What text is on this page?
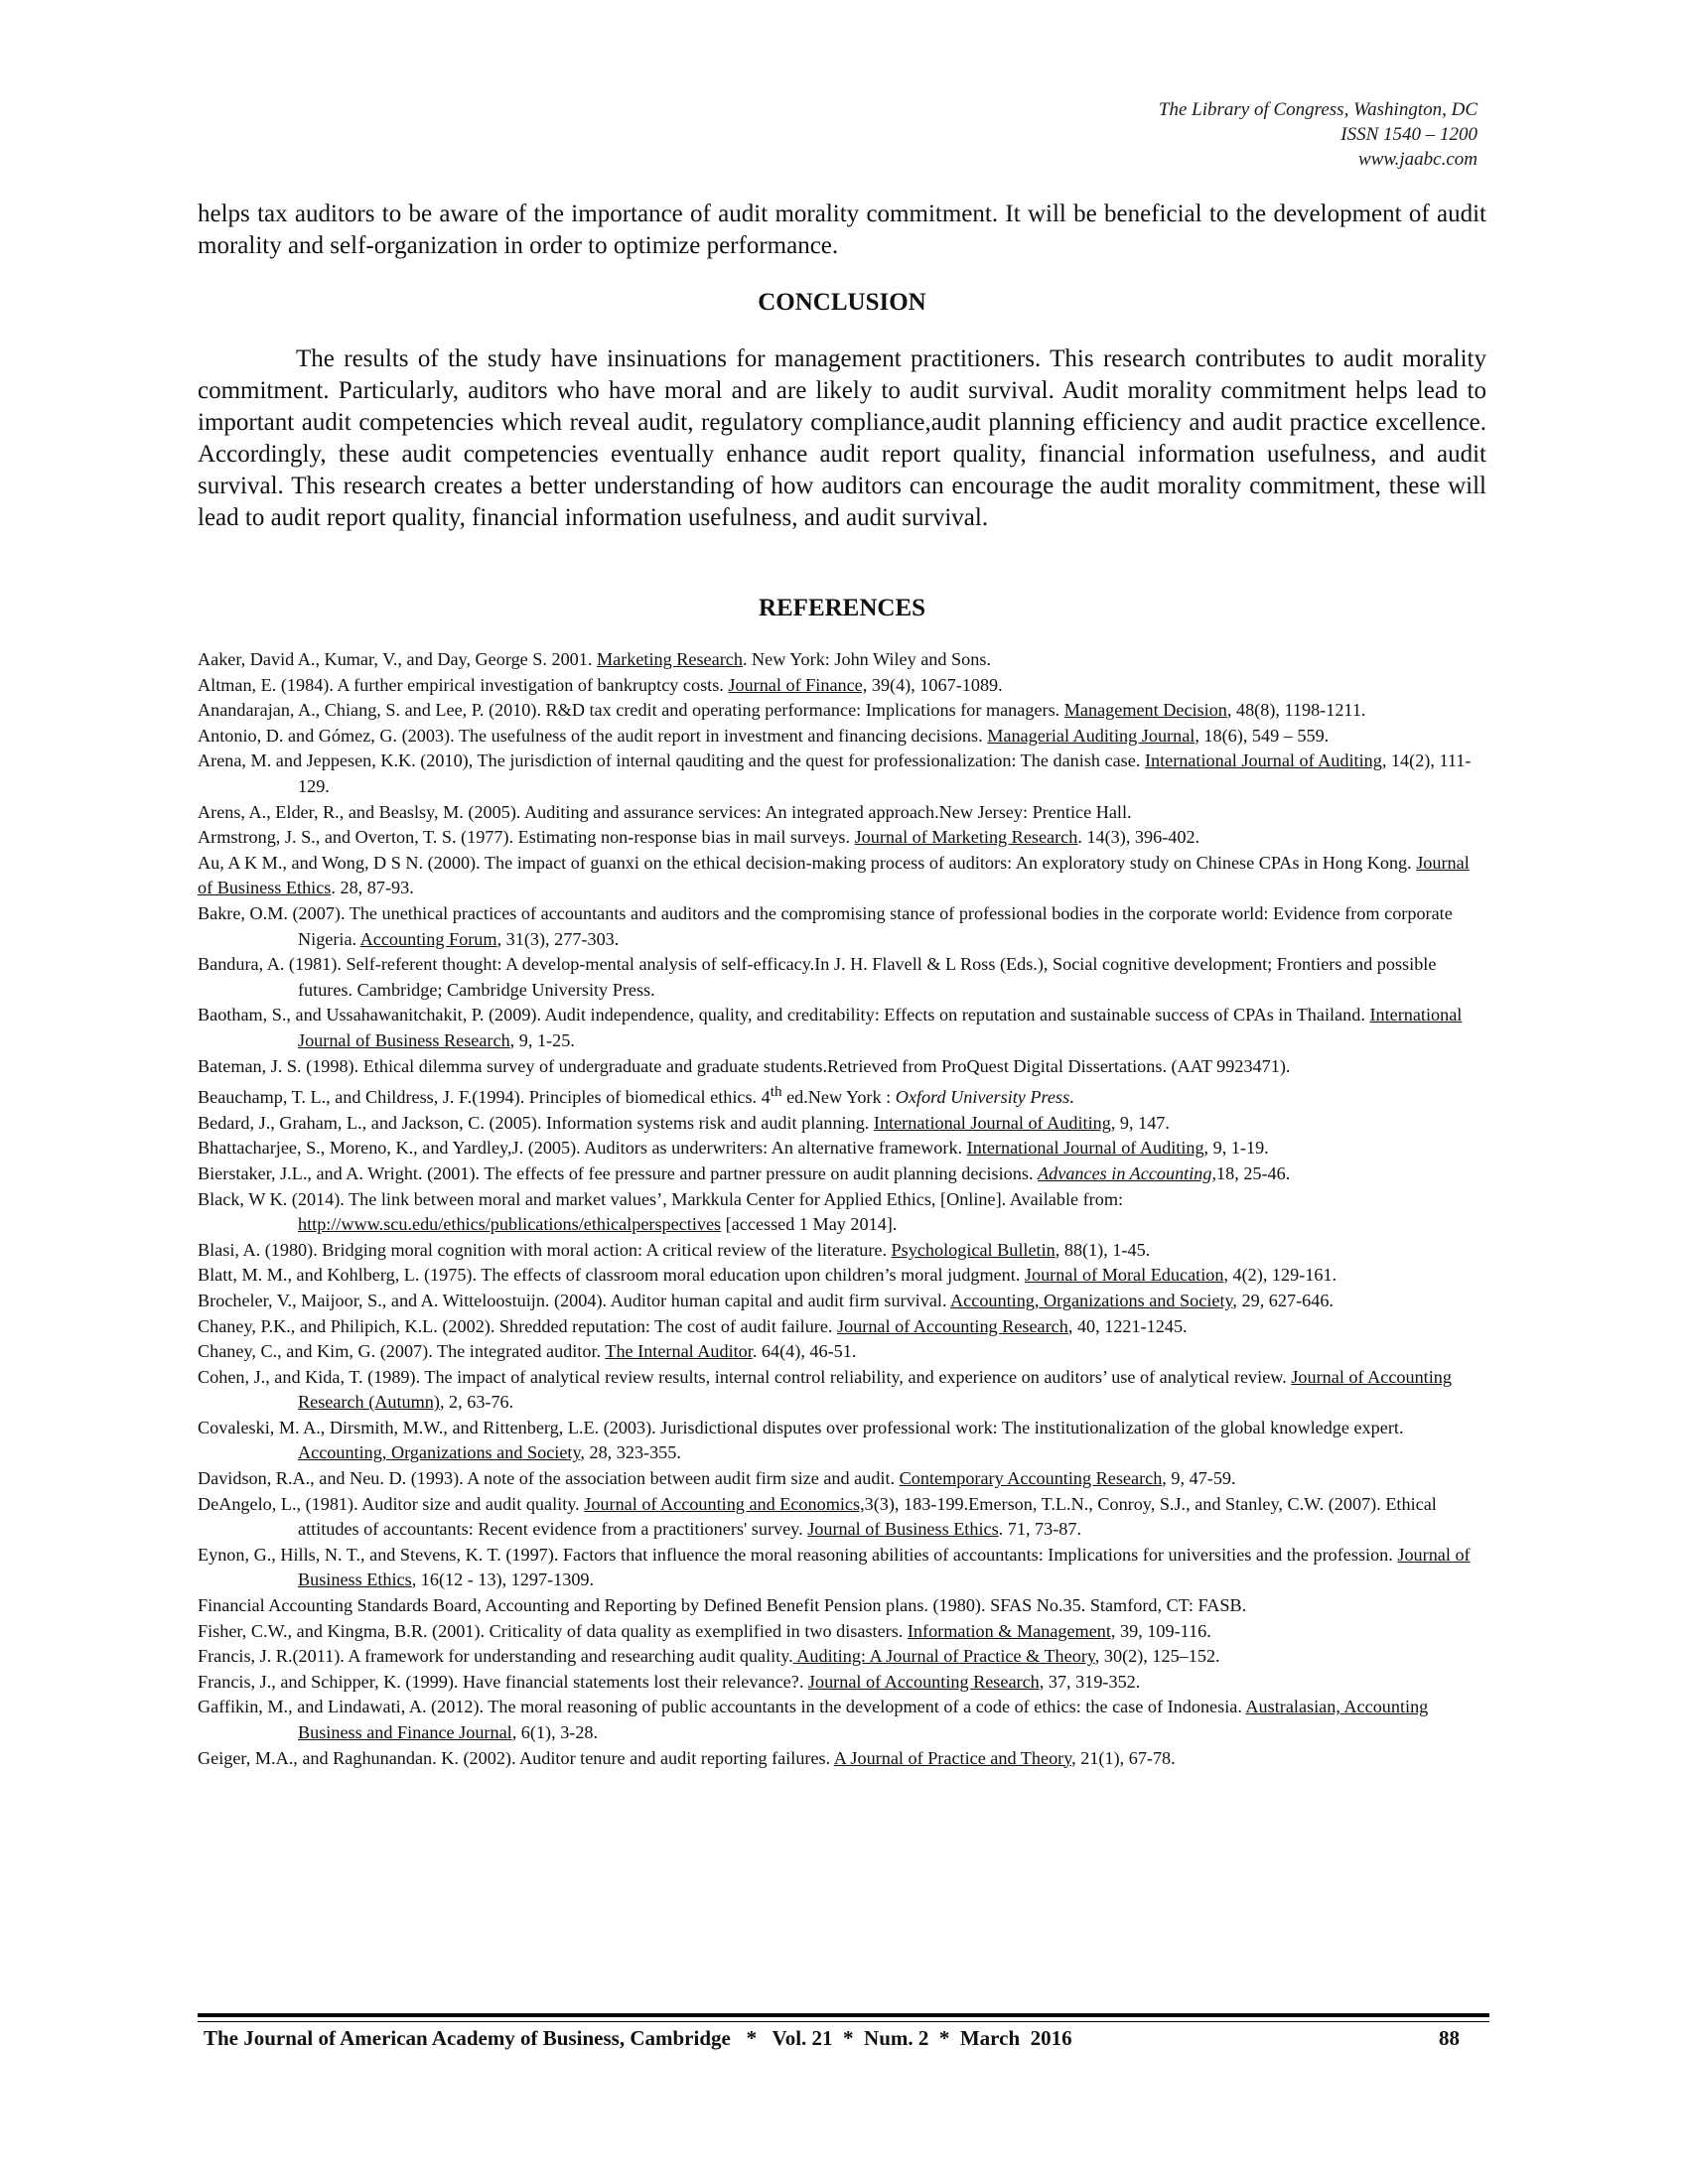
The Library of Congress, Washington, DC
ISSN 1540 – 1200
www.jaabc.com
helps tax auditors to be aware of the importance of audit morality commitment. It will be beneficial to the development of audit morality and self-organization in order to optimize performance.
CONCLUSION

The results of the study have insinuations for management practitioners. This research contributes to audit morality commitment. Particularly, auditors who have moral and are likely to audit survival. Audit morality commitment helps lead to important audit competencies which reveal audit, regulatory compliance,audit planning efficiency and audit practice excellence. Accordingly, these audit competencies eventually enhance audit report quality, financial information usefulness, and audit survival. This research creates a better understanding of how auditors can encourage the audit morality commitment, these will lead to audit report quality, financial information usefulness, and audit survival.

REFERENCES

Aaker, David A., Kumar, V., and Day, George S. 2001. Marketing Research. New York: John Wiley and Sons.

Altman, E. (1984). A further empirical investigation of bankruptcy costs. Journal of Finance, 39(4), 1067-1089.

Anandarajan, A., Chiang, S. and Lee, P. (2010). R&D tax credit and operating performance: Implications for managers. Management Decision, 48(8), 1198-1211.

Antonio, D. and Gómez, G. (2003). The usefulness of the audit report in investment and financing decisions. Managerial Auditing Journal, 18(6), 549 – 559.

Arena, M. and Jeppesen, K.K. (2010), The jurisdiction of internal qauditing and the quest for professionalization: The danish case. International Journal of Auditing, 14(2), 111-129.

Arens, A., Elder, R., and Beaslsy, M. (2005). Auditing and assurance services: An integrated approach.New Jersey: Prentice Hall.

Armstrong, J. S., and Overton, T. S. (1977). Estimating non-response bias in mail surveys. Journal of Marketing Research. 14(3), 396-402.

Au, A K M., and Wong, D S N. (2000). The impact of guanxi on the ethical decision-making process of auditors: An exploratory study on Chinese CPAs in Hong Kong. Journal of Business Ethics. 28, 87-93.

Bakre, O.M. (2007). The unethical practices of accountants and auditors and the compromising stance of professional bodies in the corporate world: Evidence from corporate Nigeria. Accounting Forum, 31(3), 277-303.

Bandura, A. (1981). Self-referent thought: A develop-mental analysis of self-efficacy.In J. H. Flavell & L Ross (Eds.), Social cognitive development; Frontiers and possible futures. Cambridge; Cambridge University Press.

Baotham, S., and Ussahawanitchakit, P. (2009). Audit independence, quality, and creditability: Effects on reputation and sustainable success of CPAs in Thailand. International Journal of Business Research, 9, 1-25.

Bateman, J. S. (1998). Ethical dilemma survey of undergraduate and graduate students.Retrieved from ProQuest Digital Dissertations. (AAT 9923471).

Beauchamp, T. L., and Childress, J. F.(1994). Principles of biomedical ethics. 4th ed.New York : Oxford University Press.

Bedard, J., Graham, L., and Jackson, C. (2005). Information systems risk and audit planning. International Journal of Auditing, 9, 147.

Bhattacharjee, S., Moreno, K., and Yardley,J. (2005). Auditors as underwriters: An alternative framework. International Journal of Auditing, 9, 1-19.

Bierstaker, J.L., and A. Wright. (2001). The effects of fee pressure and partner pressure on audit planning decisions. Advances in Accounting,18, 25-46.

Black, W K. (2014). The link between moral and market values’, Markkula Center for Applied Ethics, [Online]. Available from: http://www.scu.edu/ethics/publications/ethicalperspectives [accessed 1 May 2014].

Blasi, A. (1980). Bridging moral cognition with moral action: A critical review of the literature. Psychological Bulletin, 88(1), 1-45.

Blatt, M. M., and Kohlberg, L. (1975). The effects of classroom moral education upon children’s moral judgment. Journal of Moral Education, 4(2), 129-161.

Brocheler, V., Maijoor, S., and A. Witteloostuijn. (2004). Auditor human capital and audit firm survival. Accounting, Organizations and Society, 29, 627-646.

Chaney, P.K., and Philipich, K.L. (2002). Shredded reputation: The cost of audit failure. Journal of Accounting Research, 40, 1221-1245.

Chaney, C., and Kim, G. (2007). The integrated auditor. The Internal Auditor. 64(4), 46-51.

Cohen, J., and Kida, T. (1989). The impact of analytical review results, internal control reliability, and experience on auditors’ use of analytical review. Journal of Accounting Research (Autumn), 2, 63-76.

Covaleski, M. A., Dirsmith, M.W., and Rittenberg, L.E. (2003). Jurisdictional disputes over professional work: The institutionalization of the global knowledge expert. Accounting, Organizations and Society, 28, 323-355.

Davidson, R.A., and Neu. D. (1993). A note of the association between audit firm size and audit. Contemporary Accounting Research, 9, 47-59.

DeAngelo, L., (1981). Auditor size and audit quality. Journal of Accounting and Economics,3(3), 183-199.Emerson, T.L.N., Conroy, S.J., and Stanley, C.W. (2007). Ethical attitudes of accountants: Recent evidence from a practitioners' survey. Journal of Business Ethics. 71, 73-87.

Eynon, G., Hills, N. T., and Stevens, K. T. (1997). Factors that influence the moral reasoning abilities of accountants: Implications for universities and the profession. Journal of Business Ethics, 16(12 - 13), 1297-1309.

Financial Accounting Standards Board, Accounting and Reporting by Defined Benefit Pension plans. (1980). SFAS No.35. Stamford, CT: FASB.

Fisher, C.W., and Kingma, B.R. (2001). Criticality of data quality as exemplified in two disasters. Information & Management, 39, 109-116.

Francis, J. R.(2011). A framework for understanding and researching audit quality. Auditing: A Journal of Practice & Theory, 30(2), 125–152.

Francis, J., and Schipper, K. (1999). Have financial statements lost their relevance?. Journal of Accounting Research, 37, 319-352.

Gaffikin, M., and Lindawati, A. (2012). The moral reasoning of public accountants in the development of a code of ethics: the case of Indonesia. Australasian, Accounting Business and Finance Journal, 6(1), 3-28.

Geiger, M.A., and Raghunandan. K. (2002). Auditor tenure and audit reporting failures. A Journal of Practice and Theory, 21(1), 67-78.

The Journal of American Academy of Business, Cambridge   *   Vol. 21  *  Num. 2  *  March  2016	88
